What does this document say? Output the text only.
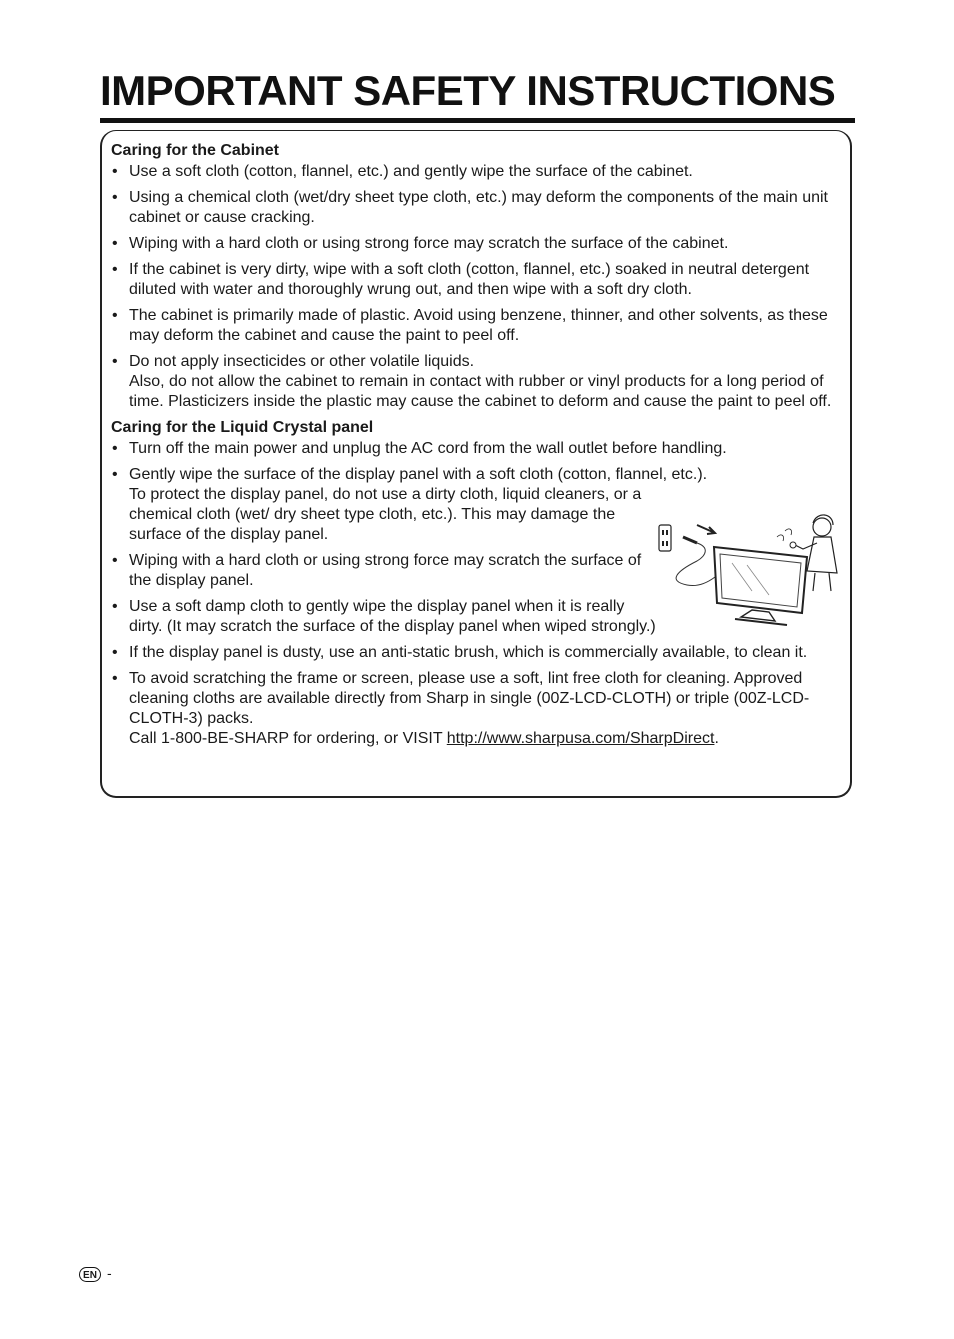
IMPORTANT SAFETY INSTRUCTIONS

Caring for the Cabinet

• Use a soft cloth (cotton, flannel, etc.) and gently wipe the surface of the cabinet.
• Using a chemical cloth (wet/dry sheet type cloth, etc.) may deform the components of the main unit cabinet or cause cracking.
• Wiping with a hard cloth or using strong force may scratch the surface of the cabinet.
• If the cabinet is very dirty, wipe with a soft cloth (cotton, flannel, etc.) soaked in neutral detergent diluted with water and thoroughly wrung out, and then wipe with a soft dry cloth.
• The cabinet is primarily made of plastic. Avoid using benzene, thinner, and other solvents, as these may deform the cabinet and cause the paint to peel off.
• Do not apply insecticides or other volatile liquids.
Also, do not allow the cabinet to remain in contact with rubber or vinyl products for a long period of time. Plasticizers inside the plastic may cause the cabinet to deform and cause the paint to peel off.

Caring for the Liquid Crystal panel

• Turn off the main power and unplug the AC cord from the wall outlet before handling.
• Gently wipe the surface of the display panel with a soft cloth (cotton, flannel, etc.).
To protect the display panel, do not use a dirty cloth, liquid cleaners, or a chemical cloth (wet/ dry sheet type cloth, etc.). This may damage the surface of the display panel.
• Wiping with a hard cloth or using strong force may scratch the surface of the display panel.
• Use a soft damp cloth to gently wipe the display panel when it is really dirty. (It may scratch the surface of the display panel when wiped strongly.)
• If the display panel is dusty, use an anti-static brush, which is commercially available, to clean it.
• To avoid scratching the frame or screen, please use a soft, lint free cloth for cleaning. Approved cleaning cloths are available directly from Sharp in single (00Z-LCD-CLOTH) or triple (00Z-LCD-CLOTH-3) packs.
Call 1-800-BE-SHARP for ordering, or VISIT http://www.sharpusa.com/SharpDirect.
EN -
